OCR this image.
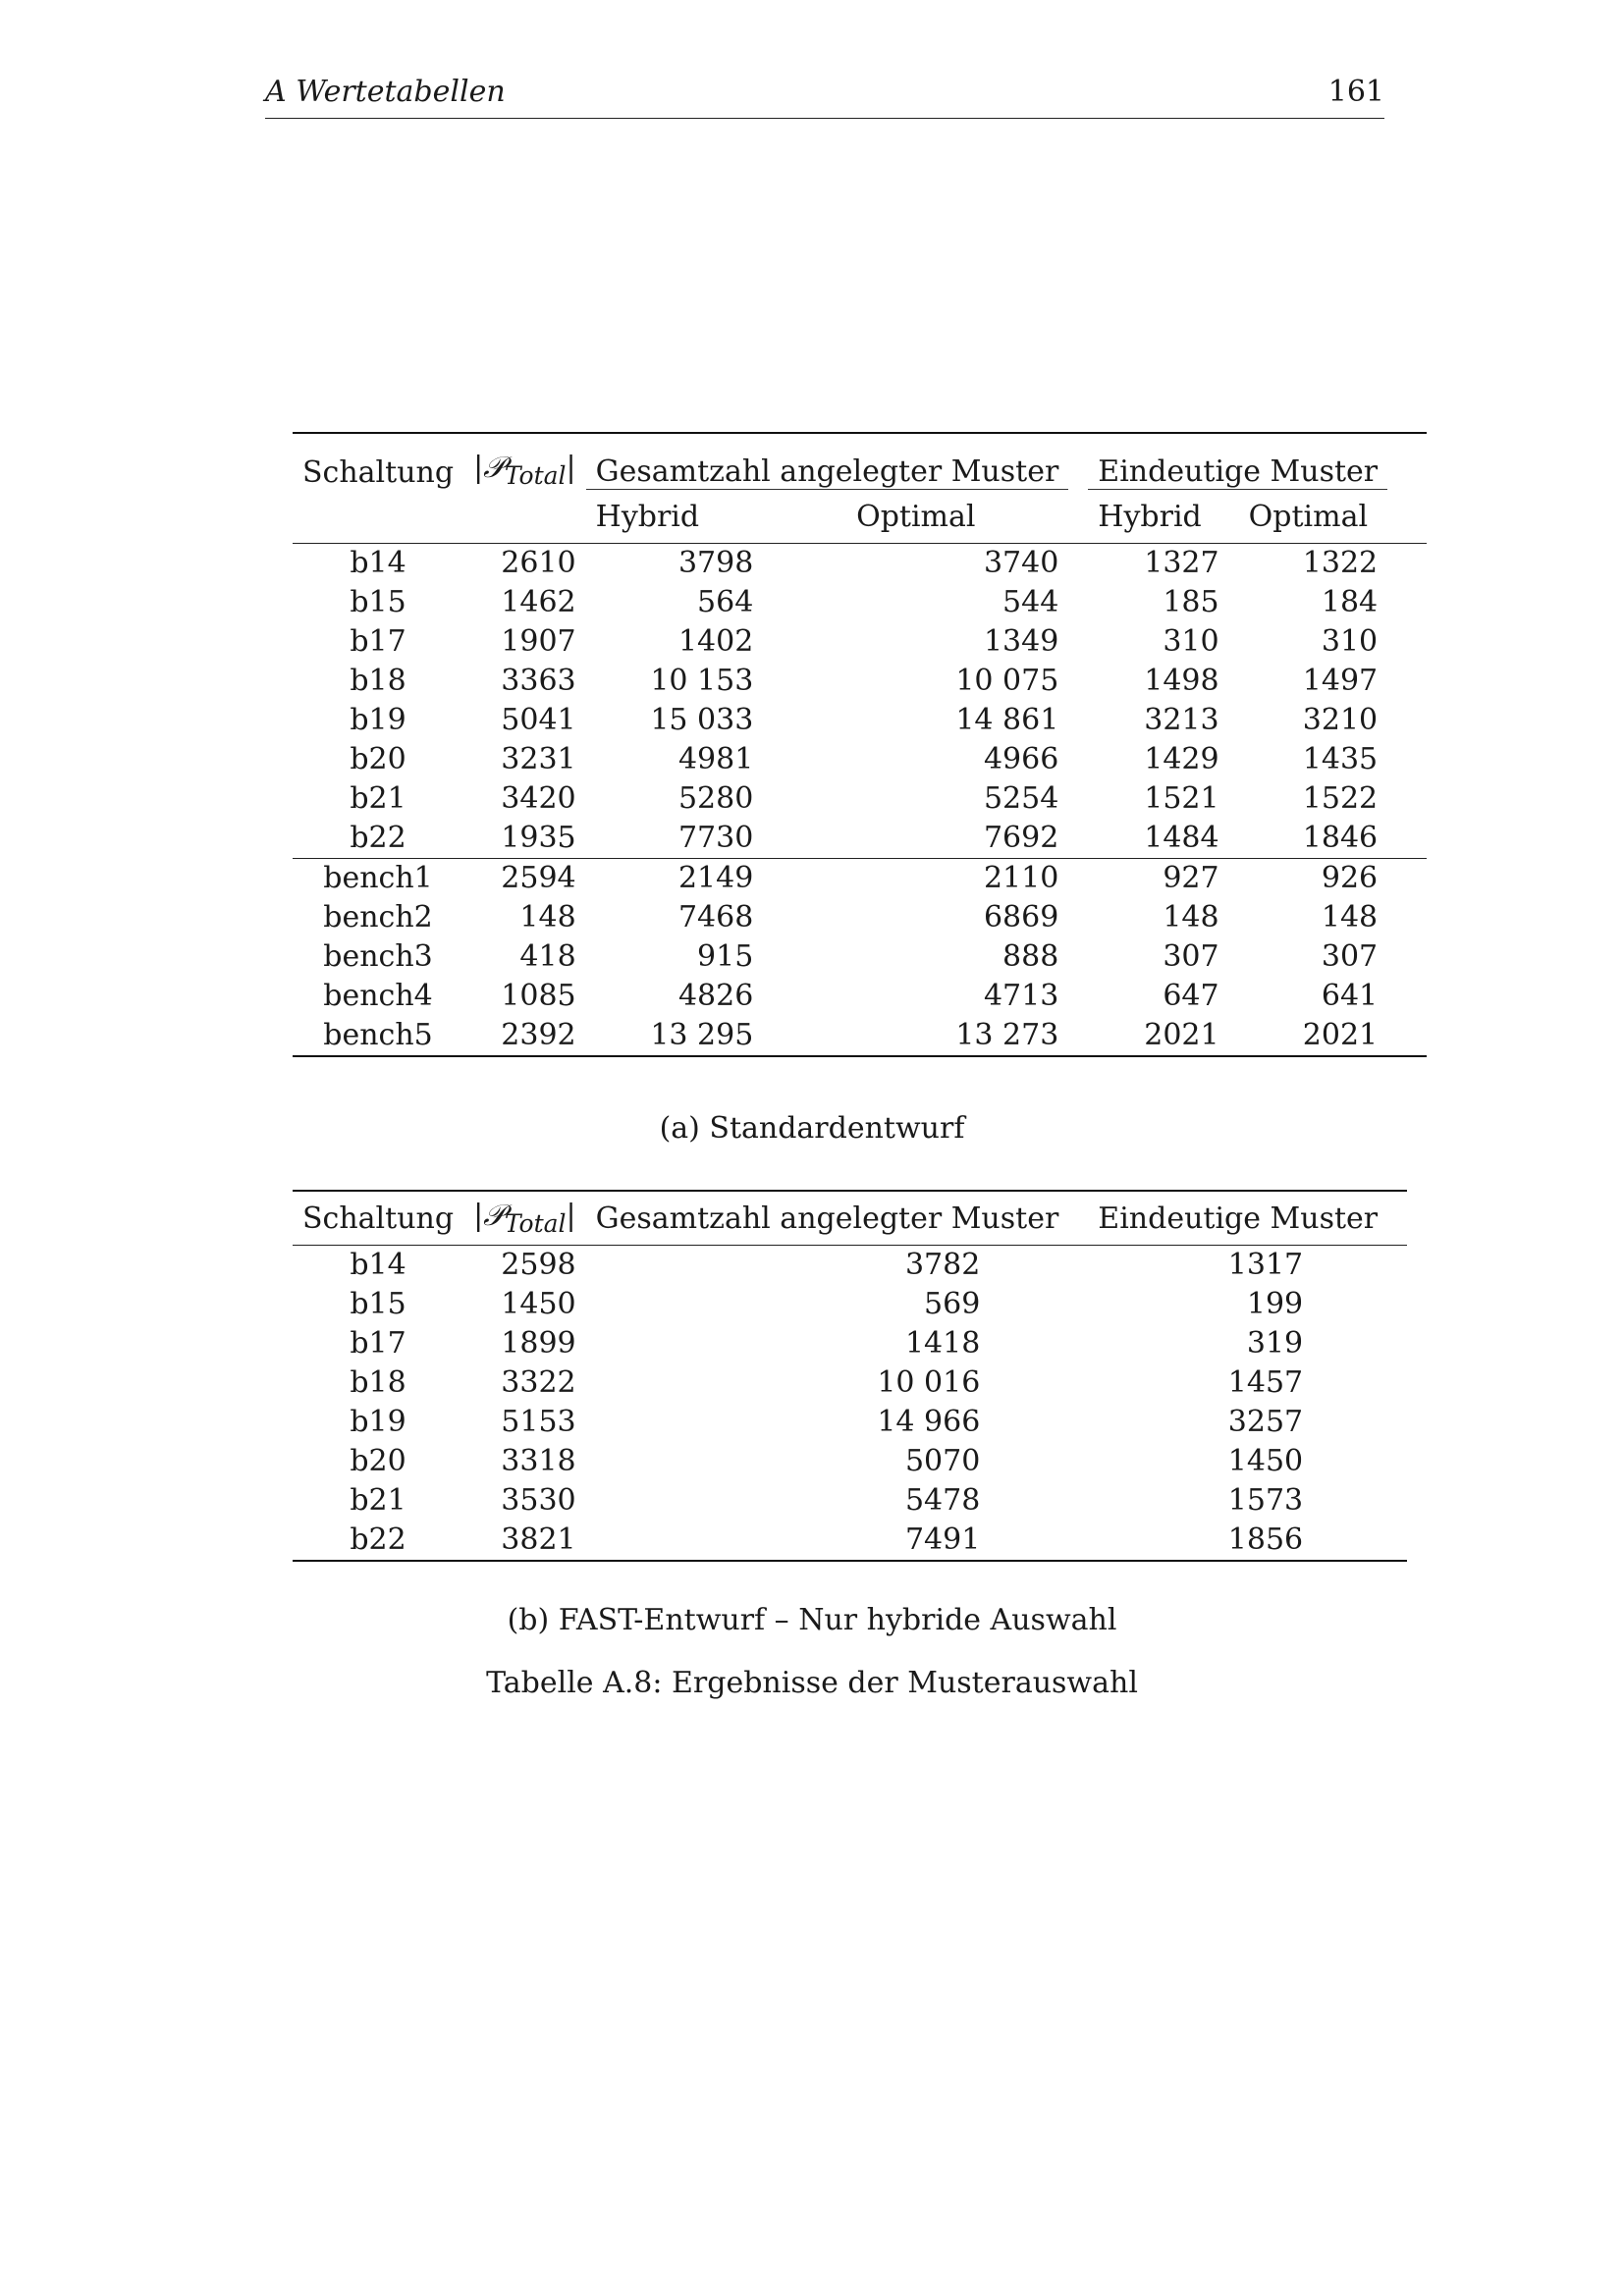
A Wertetabellen	161
Schaltung	|𝒫$_{Total}$|	Gesamtzahl angelegter Muster			Eindeutige Muster			
		Hybrid	Optimal		Hybrid	Optimal		
b14	2610	3798	3740		1327	1322		
b15	1462	564	544		185	184		
b17	1907	1402	1349		310	310		
b18	3363	10 153	10 075		1498	1497		
b19	5041	15 033	14 861		3213	3210		
b20	3231	4981	4966		1429	1435		
b21	3420	5280	5254		1521	1522		
b22	1935	7730	7692		1484	1846		
bench1	2594	2149	2110		927	926		
bench2	148	7468	6869		148	148		
bench3	418	915	888		307	307		
bench4	1085	4826	4713		647	641		
bench5	2392	13 295	13 273		2021	2021		
(a) Standardentwurf
Schaltung	|𝒫$_{Total}$|	Gesamtzahl angelegter Muster		Eindeutige Muster	
b14	2598	3782		1317	
b15	1450	569		199	
b17	1899	1418		319	
b18	3322	10 016		1457	
b19	5153	14 966		3257	
b20	3318	5070		1450	
b21	3530	5478		1573	
b22	3821	7491		1856	
(b) FAST-Entwurf – Nur hybride Auswahl
Tabelle A.8: Ergebnisse der Musterauswahl
